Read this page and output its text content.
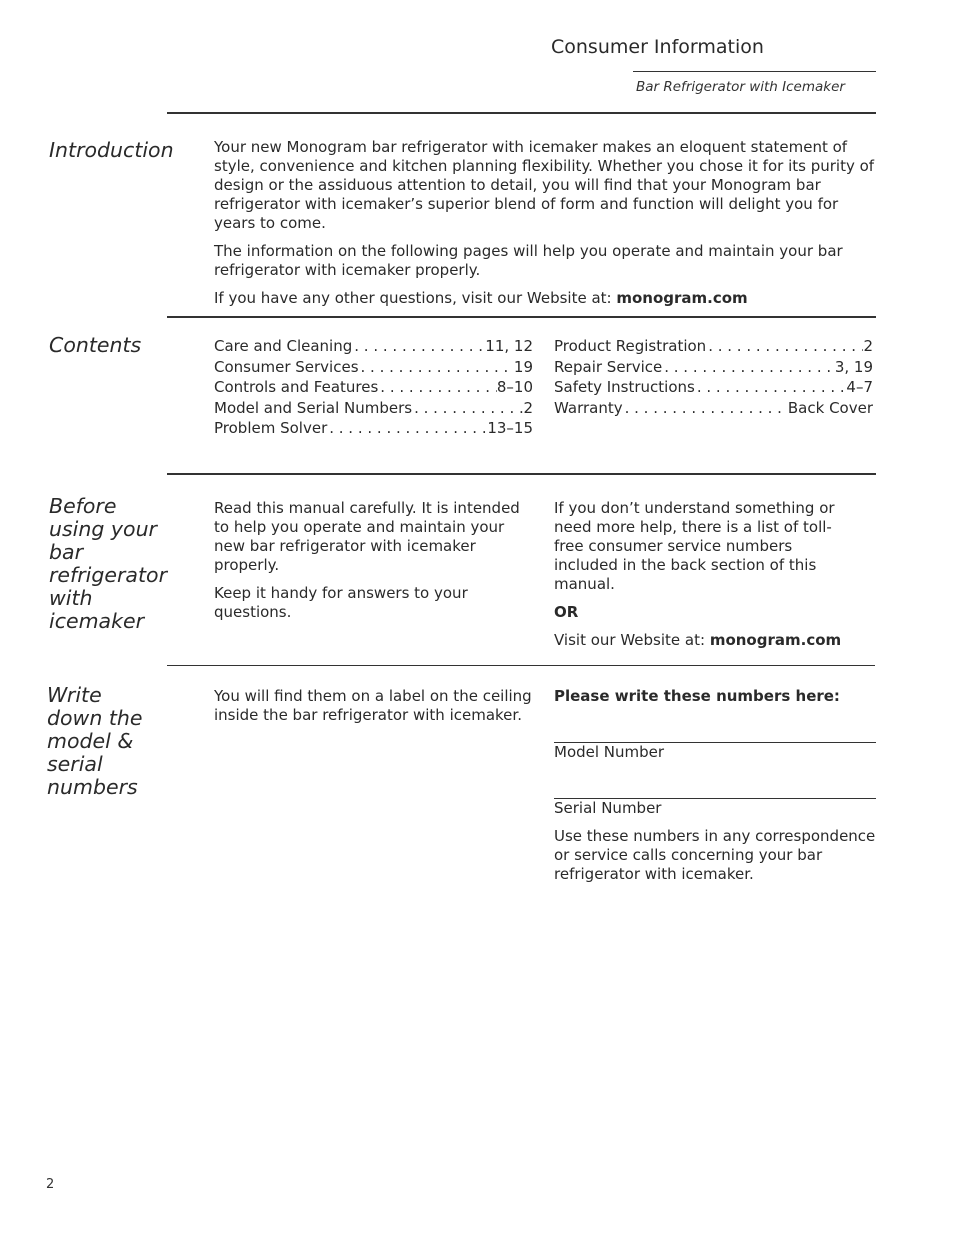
Consumer Information
Bar Refrigerator with Icemaker
Introduction	Your new Monogram bar refrigerator with icemaker makes an eloquent statement of style, convenience and kitchen planning flexibility. Whether you chose it for its purity of design or the assiduous attention to detail, you will find that your Monogram bar refrigerator with icemaker’s superior blend of form and function will delight you for years to come.

The information on the following pages will help you operate and maintain your bar refrigerator with icemaker properly.

If you have any other questions, visit our Website at: monogram.com

Contents	Care and Cleaning . . .	11, 12
Consumer Services . . .	19
Controls and Features . . .	8–10
Model and Serial Numbers . . .	2
Problem Solver . . .	13–15
Product Registration . . .	2
Repair Service . . .	3, 19
Safety Instructions . . .	4–7
Warranty . . .	Back Cover
Before using your bar refrigerator with icemaker

Read this manual carefully. It is intended to help you operate and maintain your new bar refrigerator with icemaker properly.

Keep it handy for answers to your questions.

If you don’t understand something or need more help, there is a list of toll-free consumer service numbers included in the back section of this manual.

OR

Visit our Website at: monogram.com

Write down the model & serial numbers

You will find them on a label on the ceiling inside the bar refrigerator with icemaker.

Please write these numbers here:

Model Number
Serial Number

Use these numbers in any correspondence or service calls concerning your bar refrigerator with icemaker.

2
